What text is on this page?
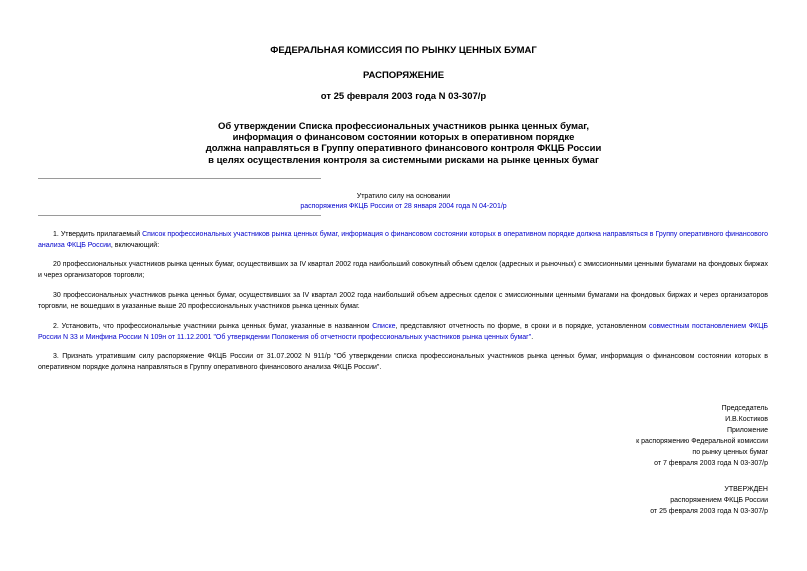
ФЕДЕРАЛЬНАЯ КОМИССИЯ ПО РЫНКУ ЦЕННЫХ БУМАГ
РАСПОРЯЖЕНИЕ
от 25 февраля 2003 года N 03-307/р
Об утверждении Списка профессиональных участников рынка ценных бумаг,
информация о финансовом состоянии которых в оперативном порядке
должна направляться в Группу оперативного финансового контроля ФКЦБ России
в целях осуществления контроля за системными рисками на рынке ценных бумаг
Утратило силу на основании
распоряжения ФКЦБ России от 28 января 2004 года N 04-201/р
1. Утвердить прилагаемый Список профессиональных участников рынка ценных бумаг, информация о финансовом состоянии которых в оперативном порядке должна направляться в Группу оперативного финансового анализа ФКЦБ России, включающий:
20 профессиональных участников рынка ценных бумаг, осуществивших за IV квартал 2002 года наибольший совокупный объем сделок (адресных и рыночных) с эмиссионными ценными бумагами на фондовых биржах и через организаторов торговли;
30 профессиональных участников рынка ценных бумаг, осуществивших за IV квартал 2002 года наибольший объем адресных сделок с эмиссионными ценными бумагами на фондовых биржах и через организаторов торговли, не вошедших в указанные выше 20 профессиональных участников рынка ценных бумаг.
2. Установить, что профессиональные участники рынка ценных бумаг, указанные в названном Списке, представляют отчетность по форме, в сроки и в порядке, установленном совместным постановлением ФКЦБ России N 33 и Минфина России N 109н от 11.12.2001 "Об утверждении Положения об отчетности профессиональных участников рынка ценных бумаг".
3. Признать утратившим силу распоряжение ФКЦБ России от 31.07.2002 N 911/р "Об утверждении списка профессиональных участников рынка ценных бумаг, информация о финансовом состоянии которых в оперативном порядке должна направляться в Группу оперативного финансового анализа ФКЦБ России".
Председатель
И.В.Костиков
Приложение
к распоряжению Федеральной комиссии
по рынку ценных бумаг
от 7 февраля 2003 года N 03-307/р
УТВЕРЖДЕН
распоряжением ФКЦБ России
от 25 февраля 2003 года N 03-307/р
